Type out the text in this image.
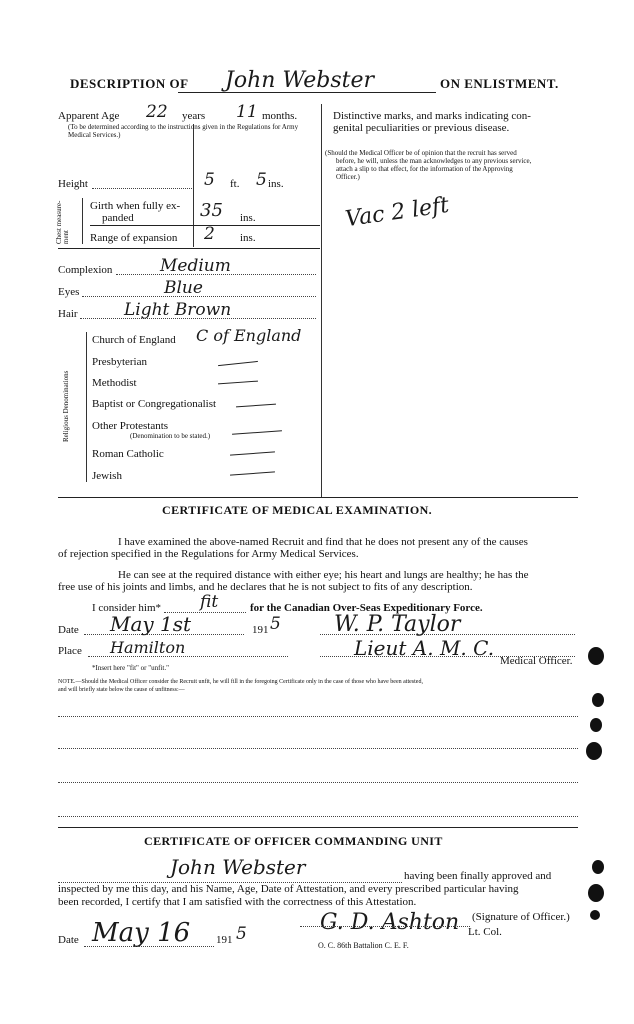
DESCRIPTION OF John Webster	ON ENLISTMENT.
Apparent Age 22 years 11 months.
(To be determined according to the instructions given in the Regulations for Army Medical Services.)
Distinctive marks, and marks indicating con-
genital peculiarities or previous disease.
(Should the Medical Officer be of opinion that the recruit has served
before, he will, unless the man acknowledges to any previous service,
attach a slip to that effect, for the information of the Approving
Officer.)
Vac 2 left
Height	5 ft. 5 ins.
Chest measure-ment
Girth when fully ex-
panded	35 ins.
Range of expansion 2 ins.
Complexion	Medium
Eyes	Blue
Hair	Light Brown
Religious Denominations
Church of England C of England
Presbyterian
Methodist
Baptist or Congregationalist
Other Protestants
(Denomination to be stated.)
Roman Catholic
Jewish
CERTIFICATE OF MEDICAL EXAMINATION.
I have examined the above-named Recruit and find that he does not present any of the causes
of rejection specified in the Regulations for Army Medical Services.
He can see at the required distance with either eye; his heart and lungs are healthy; he has the
free use of his joints and limbs, and he declares that he is not subject to fits of any description.
I consider him* fit	for the Canadian Over-Seas Expeditionary Force.
Date May 1st	191 5 W. P. Taylor
Place Hamilton	Lieut A. M. C.
Medical Officer.
*Insert here "fit" or "unfit."
NOTE.—Should the Medical Officer consider the Recruit unfit, he will fill in the foregoing Certificate only in the case of those who have been attested,
and will briefly state below the cause of unfitness:—
CERTIFICATE OF OFFICER COMMANDING UNIT
John Webster	having been finally approved and
inspected by me this day, and his Name, Age, Date of Attestation, and every prescribed particular having
been recorded, I certify that I am satisfied with the correctness of this Attestation.
G. D. Ashton (Signature of Officer.)
Lt. Col.
O. C. 86th Battalion C. E. F.
Date May 16 191 5
